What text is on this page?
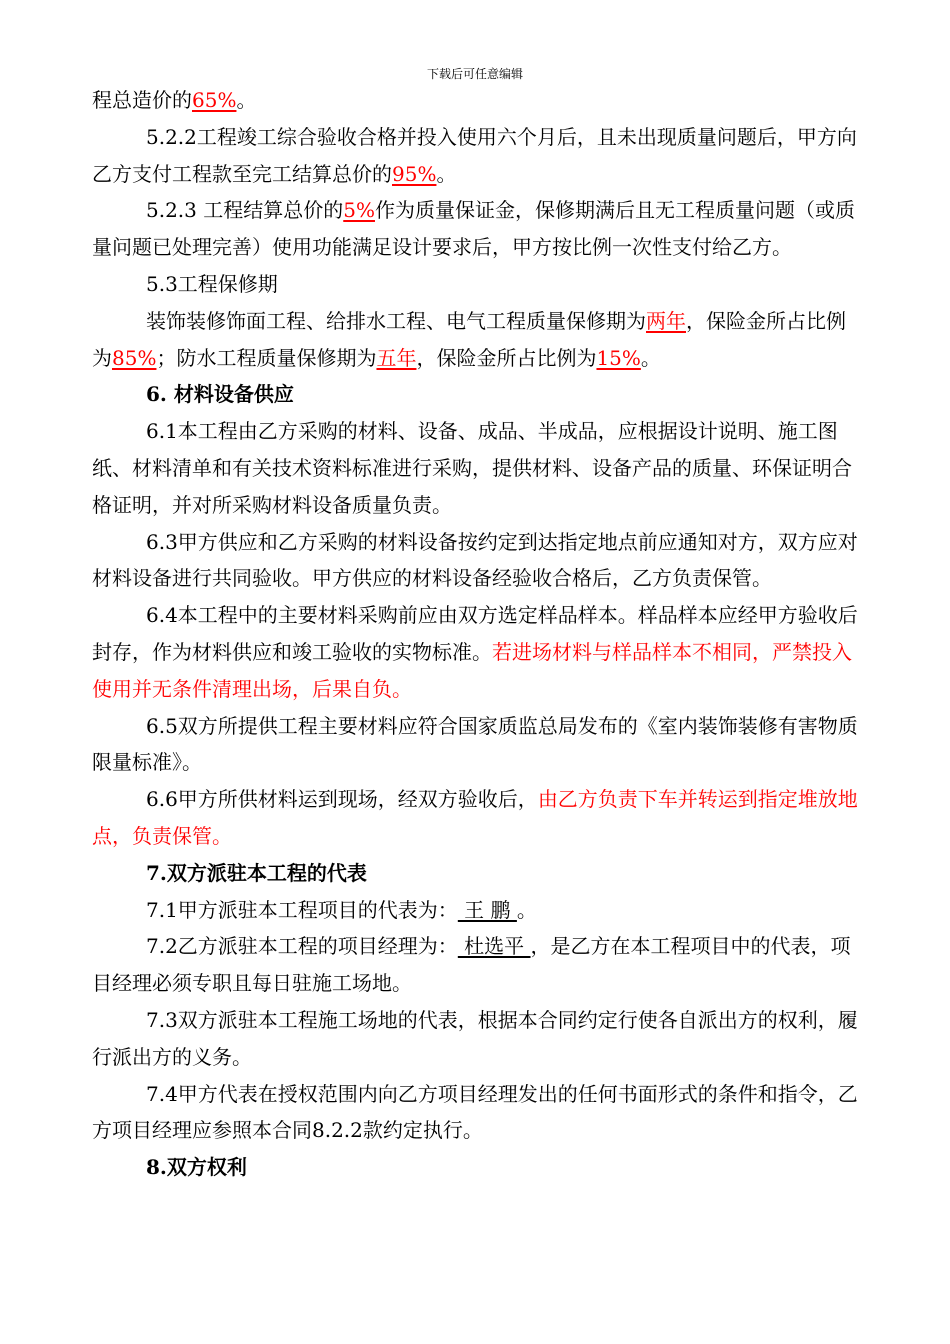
下载后可任意编辑

程总造价的65%。

5.2.2工程竣工综合验收合格并投入使用六个月后，且未出现质量问题后，甲方向乙方支付工程款至完工结算总价的95%。

5.2.3 工程结算总价的5%作为质量保证金，保修期满后且无工程质量问题（或质量问题已处理完善）使用功能满足设计要求后，甲方按比例一次性支付给乙方。

5.3工程保修期

装饰装修饰面工程、给排水工程、电气工程质量保修期为两年，保险金所占比例为85%；防水工程质量保修期为五年，保险金所占比例为15%。

6. 材料设备供应

6.1本工程由乙方采购的材料、设备、成品、半成品，应根据设计说明、施工图纸、材料清单和有关技术资料标准进行采购，提供材料、设备产品的质量、环保证明合格证明，并对所采购材料设备质量负责。

6.3甲方供应和乙方采购的材料设备按约定到达指定地点前应通知对方，双方应对材料设备进行共同验收。甲方供应的材料设备经验收合格后，乙方负责保管。

6.4本工程中的主要材料采购前应由双方选定样品样本。样品样本应经甲方验收后封存，作为材料供应和竣工验收的实物标准。若进场材料与样品样本不相同，严禁投入使用并无条件清理出场，后果自负。

6.5双方所提供工程主要材料应符合国家质监总局发布的《室内装饰装修有害物质限量标准》。

6.6甲方所供材料运到现场，经双方验收后，由乙方负责下车并转运到指定堆放地点，负责保管。

7.双方派驻本工程的代表

7.1甲方派驻本工程项目的代表为： 王 鹏 。

7.2乙方派驻本工程的项目经理为： 杜选平 ，是乙方在本工程项目中的代表，项目经理必须专职且每日驻施工场地。

7.3双方派驻本工程施工场地的代表，根据本合同约定行使各自派出方的权利，履行派出方的义务。

7.4甲方代表在授权范围内向乙方项目经理发出的任何书面形式的条件和指令，乙方项目经理应参照本合同8.2.2款约定执行。

8.双方权利
